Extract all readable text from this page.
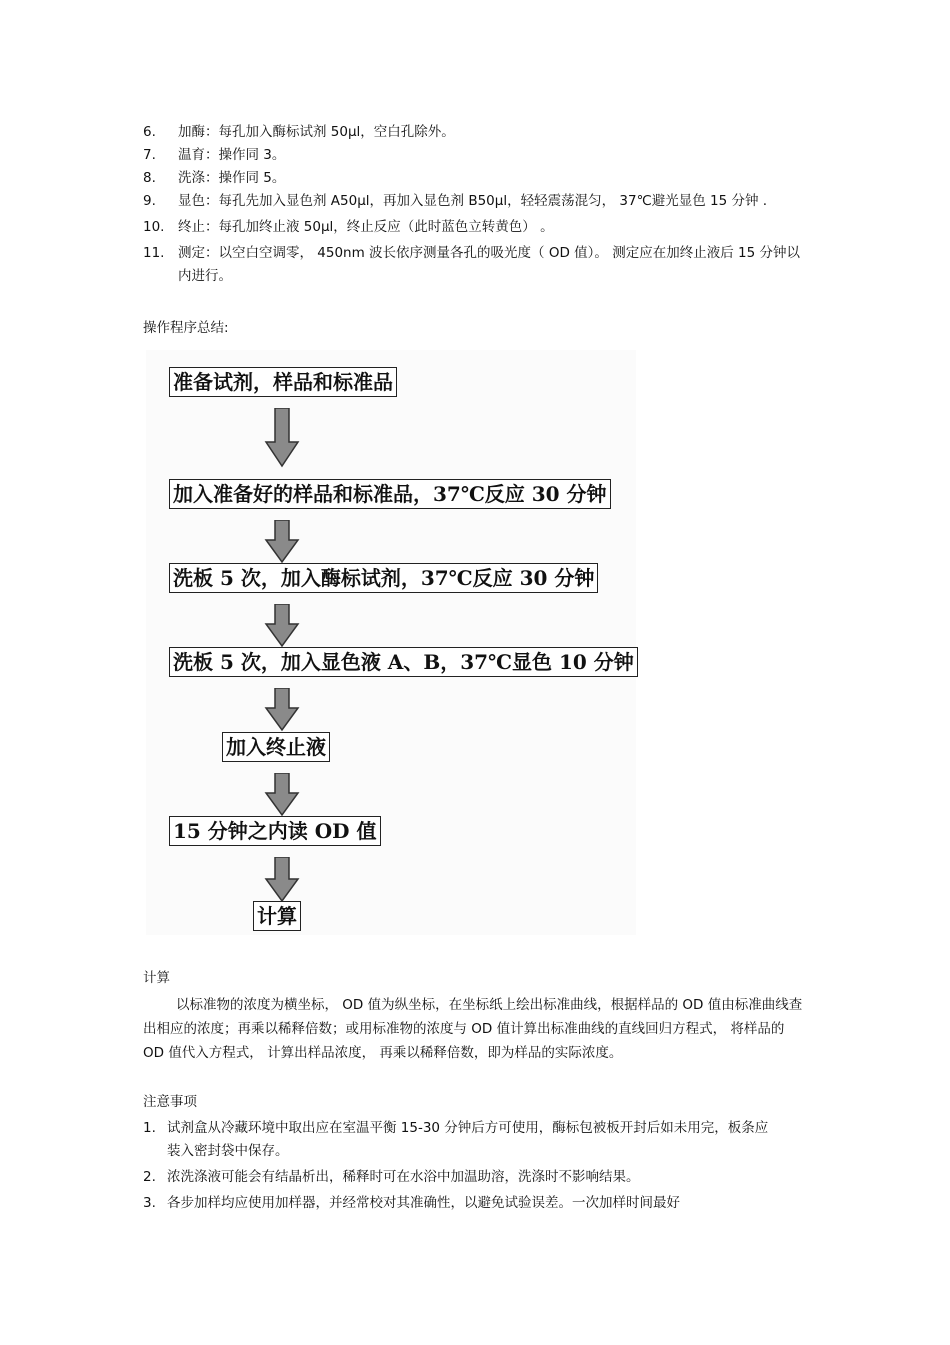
6.	加酶：每孔加入酶标试剂 50μl，空白孔除外。
7.	温育：操作同 3。
8.	洗涤：操作同 5。
9.	显色：每孔先加入显色剂 A50μl，再加入显色剂 B50μl，轻轻震荡混匀， 37℃避光显色 15 分钟 .
10.	终止：每孔加终止液 50μl，终止反应（此时蓝色立转黄色） 。
11.	测定：以空白空调零， 450nm 波长依序测量各孔的吸光度（ OD 值）。 测定应在加终止液后 15 分钟以内进行。
操作程序总结:
准备试剂，样品和标准品
加入准备好的样品和标准品，37℃反应 30 分钟
洗板 5 次，加入酶标试剂，37℃反应 30 分钟
洗板 5 次，加入显色液 A、B，37℃显色 10 分钟
加入终止液
15 分钟之内读 OD 值
计算
计算
以标准物的浓度为横坐标， OD 值为纵坐标，在坐标纸上绘出标准曲线，根据样品的 OD 值由标准曲线查出相应的浓度；再乘以稀释倍数；或用标准物的浓度与 OD 值计算出标准曲线的直线回归方程式， 将样品的 OD 值代入方程式， 计算出样品浓度， 再乘以稀释倍数，即为样品的实际浓度。
注意事项
1. 试剂盒从冷藏环境中取出应在室温平衡 15-30 分钟后方可使用，酶标包被板开封后如未用完，板条应装入密封袋中保存。
2. 浓洗涤液可能会有结晶析出，稀释时可在水浴中加温助溶，洗涤时不影响结果。
3. 各步加样均应使用加样器，并经常校对其准确性，以避免试验误差。一次加样时间最好
